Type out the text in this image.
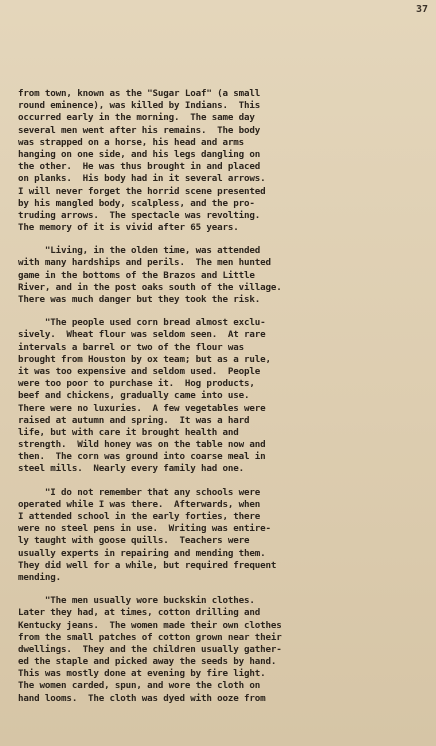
37
from town, known as the "Sugar Loaf" (a small
round eminence), was killed by Indians.  This
occurred early in the morning.  The same day
several men went after his remains.  The body
was strapped on a horse, his head and arms
hanging on one side, and his legs dangling on
the other.  He was thus brought in and placed
on planks.  His body had in it several arrows.
I will never forget the horrid scene presented
by his mangled body, scalpless, and the pro-
truding arrows.  The spectacle was revolting.
The memory of it is vivid after 65 years.
"Living, in the olden time, was attended
with many hardships and perils.  The men hunted
game in the bottoms of the Brazos and Little
River, and in the post oaks south of the village.
There was much danger but they took the risk.
"The people used corn bread almost exclu-
sively.  Wheat flour was seldom seen.  At rare
intervals a barrel or two of the flour was
brought from Houston by ox team; but as a rule,
it was too expensive and seldom used.  People
were too poor to purchase it.  Hog products,
beef and chickens, gradually came into use.
There were no luxuries.  A few vegetables were
raised at autumn and spring.  It was a hard
life, but with care it brought health and
strength.  Wild honey was on the table now and
then.  The corn was ground into coarse meal in
steel mills.  Nearly every family had one.
"I do not remember that any schools were
operated while I was there.  Afterwards, when
I attended school in the early forties, there
were no steel pens in use.  Writing was entire-
ly taught with goose quills.  Teachers were
usually experts in repairing and mending them.
They did well for a while, but required frequent
mending.
"The men usually wore buckskin clothes.
Later they had, at times, cotton drilling and
Kentucky jeans.  The women made their own clothes
from the small patches of cotton grown near their
dwellings.  They and the children usually gather-
ed the staple and picked away the seeds by hand.
This was mostly done at evening by fire light.
The women carded, spun, and wore the cloth on
hand looms.  The cloth was dyed with ooze from
